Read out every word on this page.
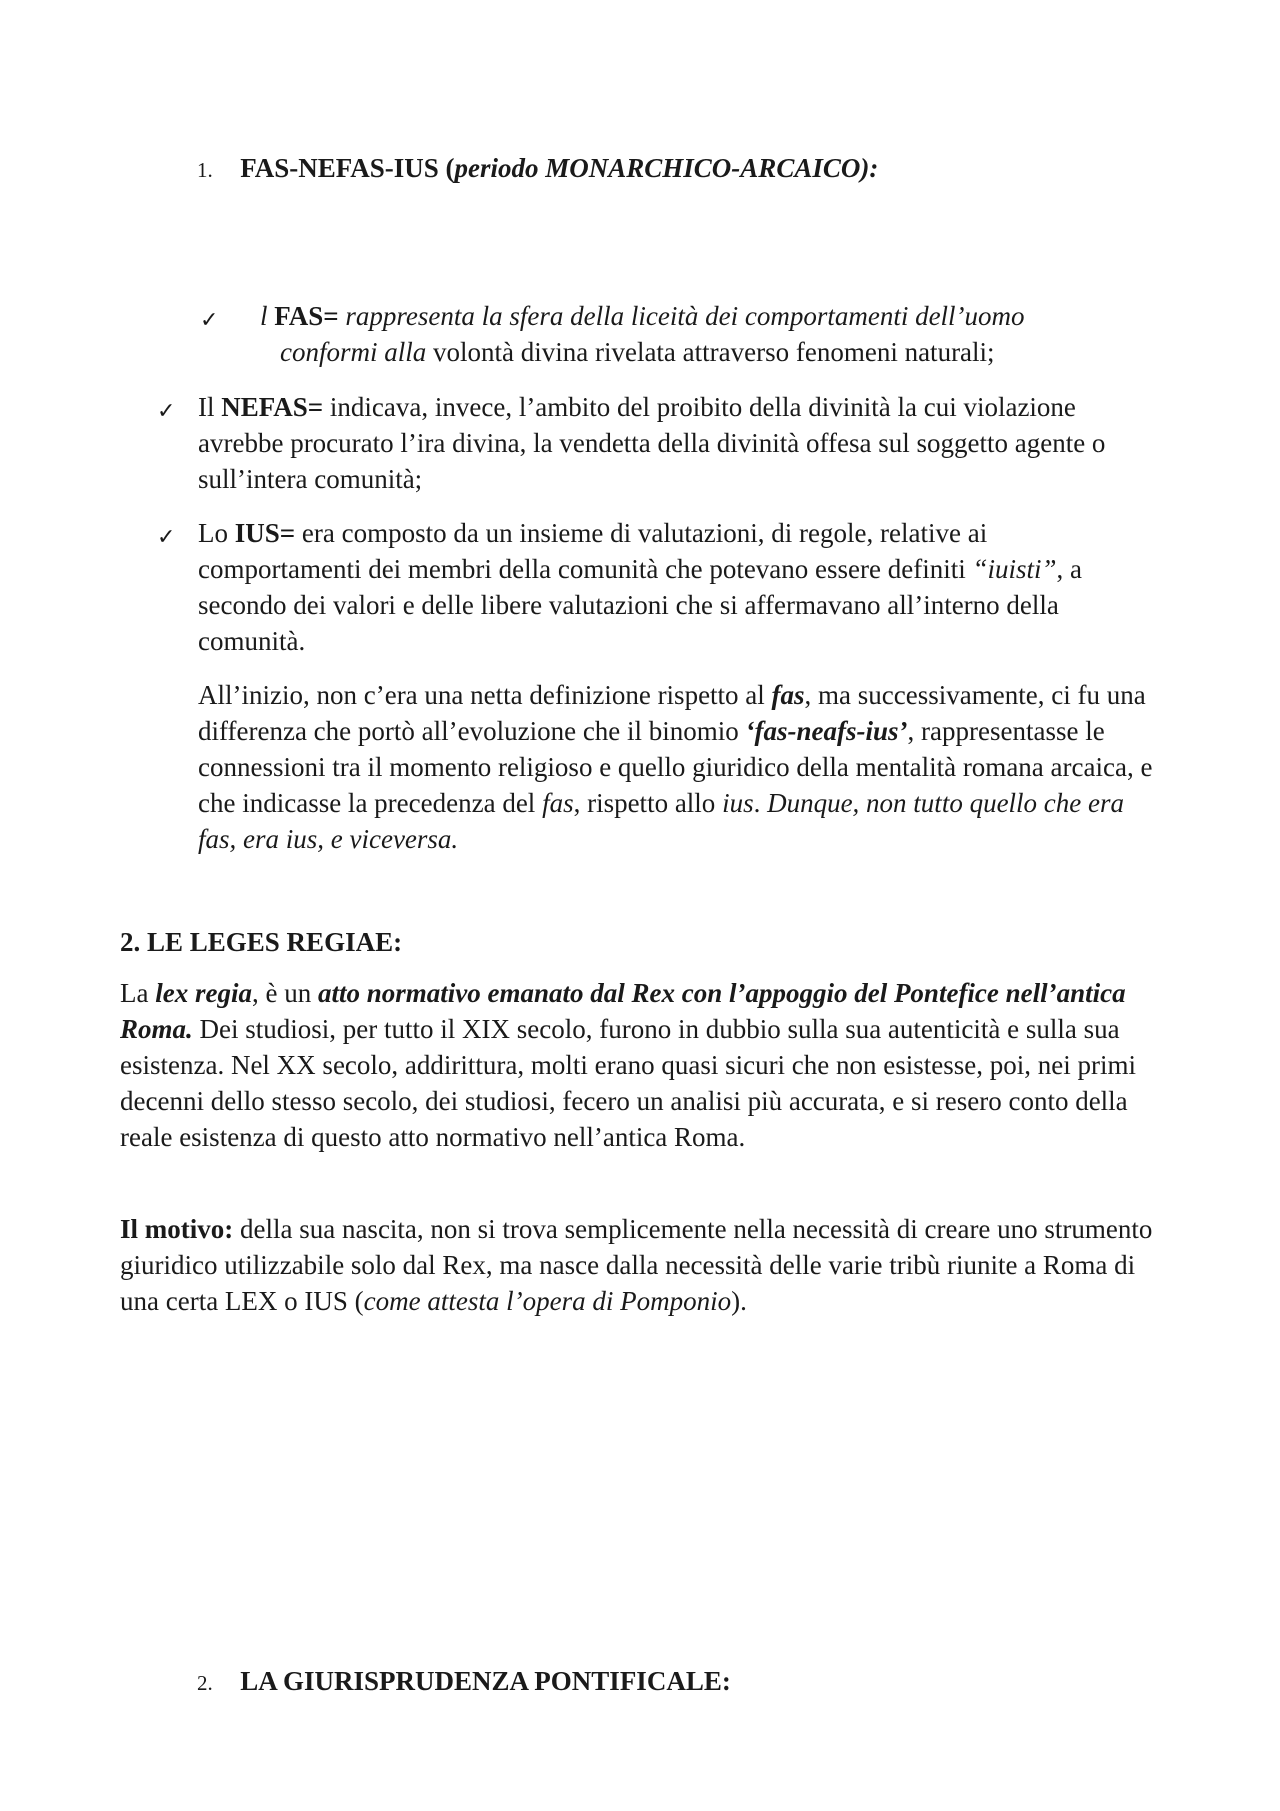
1. FAS-NEFAS-IUS (periodo MONARCHICO-ARCAICO):
✓ l FAS= rappresenta la sfera della liceità dei comportamenti dell’uomo
conformi alla volontà divina rivelata attraverso fenomeni naturali;
✓ Il NEFAS= indicava, invece, l’ambito del proibito della divinità la cui violazione avrebbe procurato l’ira divina, la vendetta della divinità offesa sul soggetto agente o sull’intera comunità;

✓ Lo IUS= era composto da un insieme di valutazioni, di regole, relative ai comportamenti dei membri della comunità che potevano essere definiti “iuisti”, a secondo dei valori e delle libere valutazioni che si affermavano all’interno della comunità.

All’inizio, non c’era una netta definizione rispetto al fas, ma successivamente, ci fu una differenza che portò all’evoluzione che il binomio ‘fas-neafs-ius’, rappresentasse le connessioni tra il momento religioso e quello giuridico della mentalità romana arcaica, e che indicasse la precedenza del fas, rispetto allo ius. Dunque, non tutto quello che era fas, era ius, e viceversa.

2. LE LEGES REGIAE:

La lex regia, è un atto normativo emanato dal Rex con l’appoggio del Pontefice nell’antica Roma. Dei studiosi, per tutto il XIX secolo, furono in dubbio sulla sua autenticità e sulla sua esistenza. Nel XX secolo, addirittura, molti erano quasi sicuri che non esistesse, poi, nei primi decenni dello stesso secolo, dei studiosi, fecero un analisi più accurata, e si resero conto della reale esistenza di questo atto normativo nell’antica Roma.

Il motivo: della sua nascita, non si trova semplicemente nella necessità di creare uno strumento giuridico utilizzabile solo dal Rex, ma nasce dalla necessità delle varie tribù riunite a Roma di una certa LEX o IUS (come attesta l’opera di Pomponio).

2. LA GIURISPRUDENZA PONTIFICALE:
